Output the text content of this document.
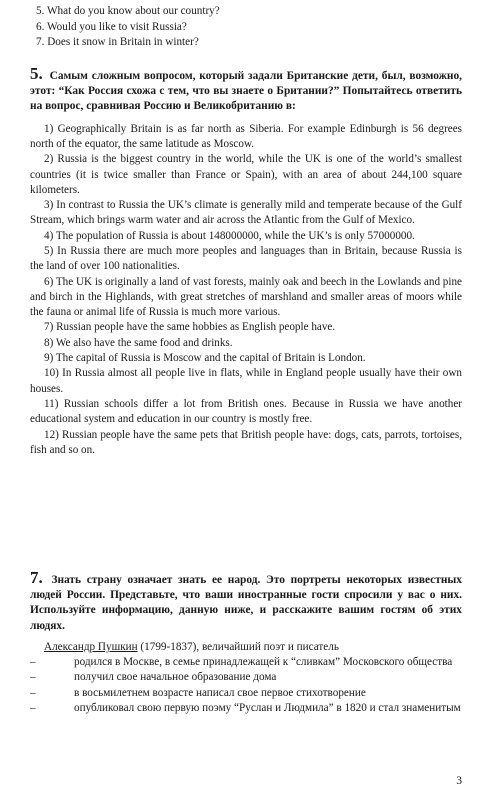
5. What do you know about our country?
6. Would you like to visit Russia?
7. Does it snow in Britain in winter?
5. Самым сложным вопросом, который задали Британские дети, был, возможно, этот: “Как Россия схожа с тем, что вы знаете о Британии?” Попытайтесь ответить на вопрос, сравнивая Россию и Великобританию в:
1) Geographically Britain is as far north as Siberia. For example Edinburgh is 56 degrees north of the equator, the same latitude as Moscow.
2) Russia is the biggest country in the world, while the UK is one of the world’s smallest countries (it is twice smaller than France or Spain), with an area of about 244,100 square kilometers.
3) In contrast to Russia the UK’s climate is generally mild and temperate because of the Gulf Stream, which brings warm water and air across the Atlantic from the Gulf of Mexico.
4) The population of Russia is about 148000000, while the UK’s is only 57000000.
5) In Russia there are much more peoples and languages than in Britain, because Russia is the land of over 100 nationalities.
6) The UK is originally a land of vast forests, mainly oak and beech in the Lowlands and pine and birch in the Highlands, with great stretches of marshland and smaller areas of moors while the fauna or animal life of Russia is much more various.
7) Russian people have the same hobbies as English people have.
8) We also have the same food and drinks.
9) The capital of Russia is Moscow and the capital of Britain is London.
10) In Russia almost all people live in flats, while in England people usually have their own houses.
11) Russian schools differ a lot from British ones. Because in Russia we have another educational system and education in our country is mostly free.
12) Russian people have the same pets that British people have: dogs, cats, parrots, tortoises, fish and so on.
7. Знать страну означает знать ее народ. Это портреты некоторых известных людей России. Представьте, что ваши иностранные гости спросили у вас о них. Используйте информацию, данную ниже, и расскажите вашим гостям об этих людях.
Александр Пушкин (1799-1837), величайший поэт и писатель
–	родился в Москве, в семье принадлежащей к “сливкам” Московского общества
–	получил свое начальное образование дома
–	в восьмилетнем возрасте написал свое первое стихотворение
–	опубликовал свою первую поэму “Руслан и Людмила” в 1820 и стал знаменитым
3
